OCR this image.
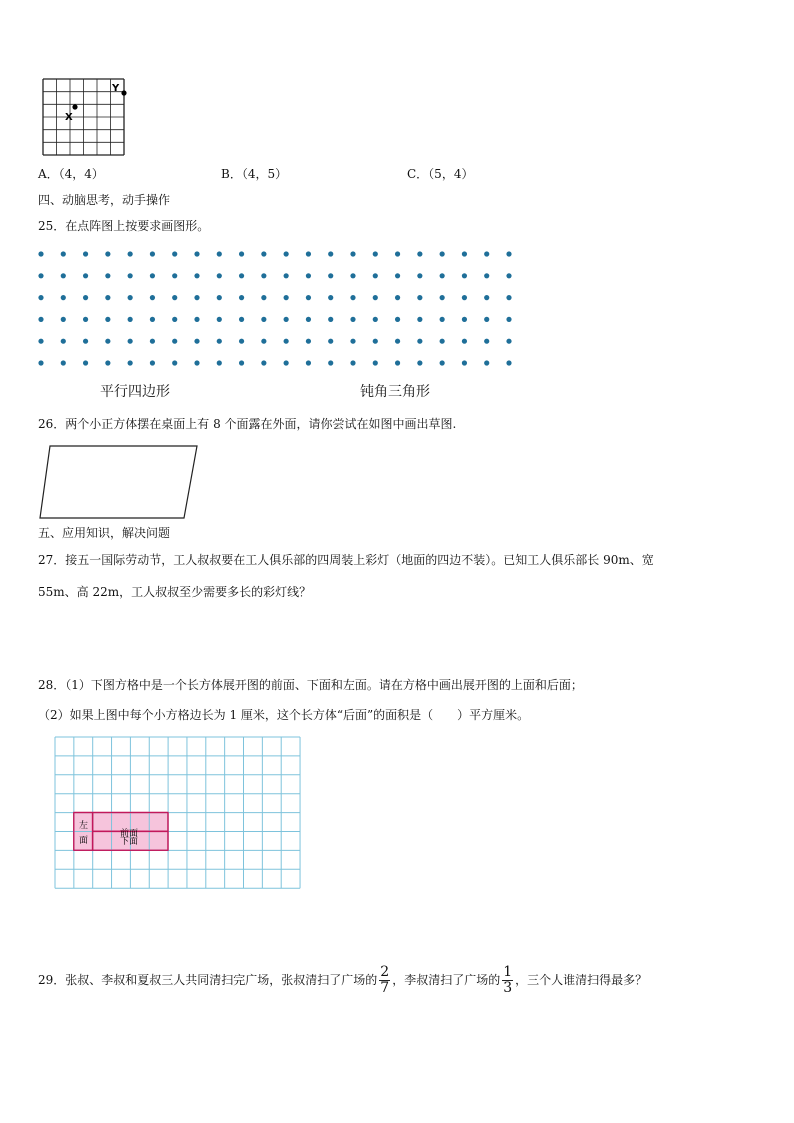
X
Y
A．（4，4）	B．（4，5）	C．（5，4）
四、动脑思考，动手操作
25．在点阵图上按要求画图形。
平行四边形	钝角三角形
26．两个小正方体摆在桌面上有 8 个面露在外面，请你尝试在如图中画出草图.
五、应用知识，解决问题
27．接五一国际劳动节，工人叔叔要在工人俱乐部的四周装上彩灯（地面的四边不装）。已知工人俱乐部长 90m、宽
55m、高 22m，工人叔叔至少需要多长的彩灯线？
28．（1）下图方格中是一个长方体展开图的前面、下面和左面。请在方格中画出展开图的上面和后面；
（2）如果上图中每个小方格边长为 1 厘米，这个长方体“后面”的面积是（　　）平方厘米。
左
面
前面
下面
29．张叔、李叔和夏叔三人共同清扫完广场，张叔清扫了广场的 $\frac{2}{7}$ ，李叔清扫了广场的 $\frac{1}{3}$ ，三个人谁清扫得最多？
